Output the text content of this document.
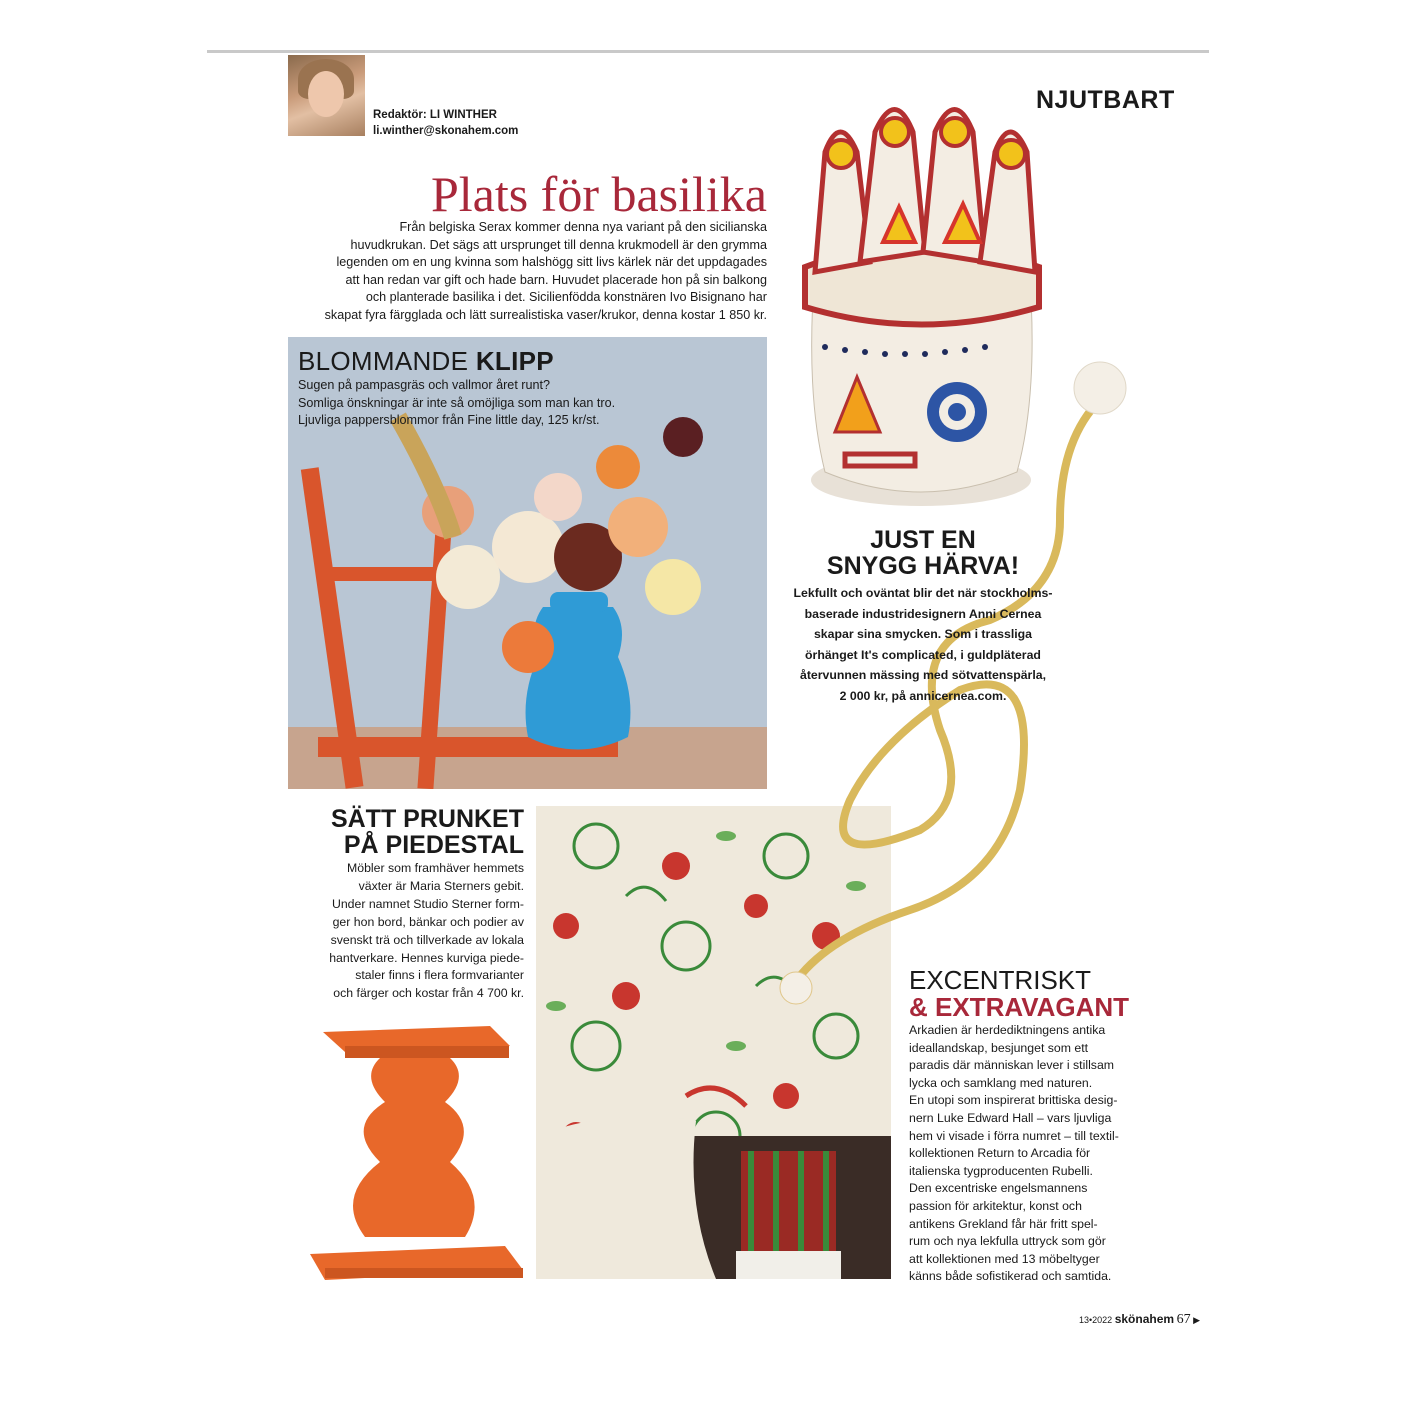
Redaktör: LI WINTHER
li.winther@skonahem.com
NJUTBART
Plats för basilika
Från belgiska Serax kommer denna nya variant på den sicilianska
huvudkrukan. Det sägs att ursprunget till denna krukmodell är den grymma
legenden om en ung kvinna som halshögg sitt livs kärlek när det uppdagades
att han redan var gift och hade barn. Huvudet placerade hon på sin balkong
och planterade basilika i det. Sicilienfödda konstnären Ivo Bisignano har
skapat fyra färgglada och lätt surrealistiska vaser/krukor, denna kostar 1 850 kr.
BLOMMANDE KLIPP
Sugen på pampasgräs och vallmor året runt?
Somliga önskningar är inte så omöjliga som man kan tro.
Ljuvliga pappersblommor från Fine little day, 125 kr/st.
JUST EN
SNYGG HÄRVA!
Lekfullt och oväntat blir det när stockholms-
baserade industridesignern Anni Cernea
skapar sina smycken. Som i trassliga
örhänget It's complicated, i guldpläterad
återvunnen mässing med sötvattenspärla,
2 000 kr, på annicernea.com.
SÄTT PRUNKET
PÅ PIEDESTAL
Möbler som framhäver hemmets
växter är Maria Sterners gebit.
Under namnet Studio Sterner form-
ger hon bord, bänkar och podier av
svenskt trä och tillverkade av lokala
hantverkare. Hennes kurviga piede-
staler finns i flera formvarianter
och färger och kostar från 4 700 kr.	EXCENTRISKT
& EXTRAVAGANT
Arkadien är herdediktningens antika
ideallandskap, besjunget som ett
paradis där människan lever i stillsam
lycka och samklang med naturen.
En utopi som inspirerat brittiska desig-
nern Luke Edward Hall – vars ljuvliga
hem vi visade i förra numret – till textil-
kollektionen Return to Arcadia för
italienska tygproducenten Rubelli.
Den excentriske engelsmannens
passion för arkitektur, konst och
antikens Grekland får här fritt spel-
rum och nya lekfulla uttryck som gör
att kollektionen med 13 möbeltyger
känns både sofistikerad och samtida.
13•2022 skönahem 67 ▶
